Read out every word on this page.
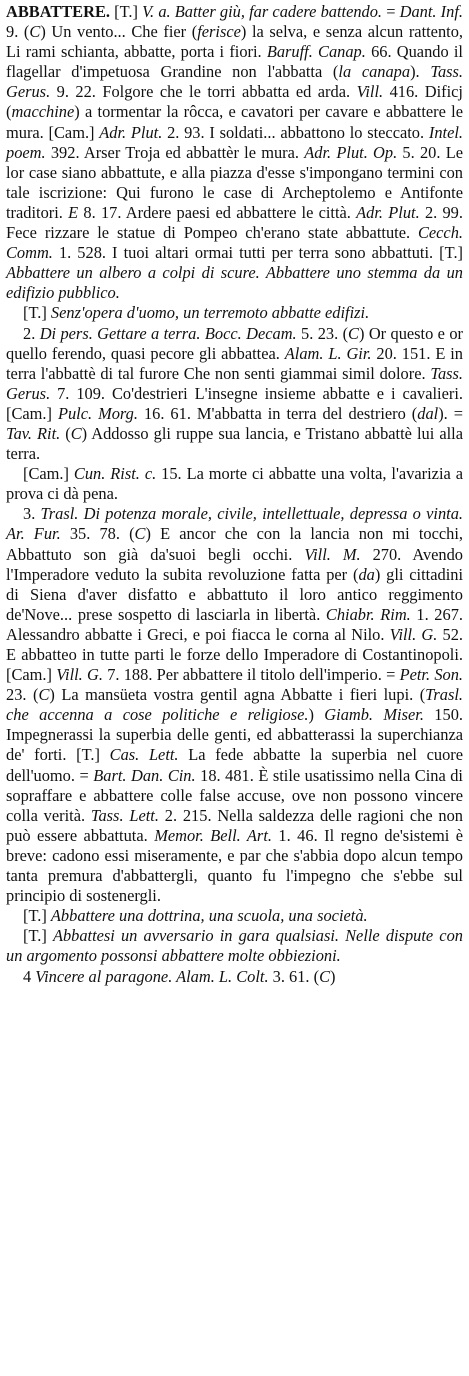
ABBATTERE. [T.] V. a. Batter giù, far cadere battendo. = Dant. Inf. 9. (C) Un vento... Che fier (ferisce) la selva, e senza alcun rattento, Li rami schianta, abbatte, porta i fiori. Baruff. Canap. 66. Quando il flagellar d'impetuosa Grandine non l'abbatta (la canapa). Tass. Gerus. 9. 22. Folgore che le torri abbatta ed arda. Vill. 416. Dificj (macchine) a tormentar la rôcca, e cavatori per cavare e abbattere le mura. [Cam.] Adr. Plut. 2. 93. I soldati... abbattono lo steccato. Intel. poem. 392. Arser Troja ed abbattèr le mura. Adr. Plut. Op. 5. 20. Le lor case siano abbattute, e alla piazza d'esse s'impongano termini con tale iscrizione: Qui furono le case di Archeptolemo e Antifonte traditori. E 8. 17. Ardere paesi ed abbattere le città. Adr. Plut. 2. 99. Fece rizzare le statue di Pompeo ch'erano state abbattute. Cecch. Comm. 1. 528. I tuoi altari ormai tutti per terra sono abbattuti. [T.] Abbattere un albero a colpi di scure. Abbattere uno stemma da un edifizio pubblico.

[T.] Senz'opera d'uomo, un terremoto abbatte edifizi.

2. Di pers. Gettare a terra. Bocc. Decam. 5. 23. (C) Or questo e or quello ferendo, quasi pecore gli abbattea. Alam. L. Gir. 20. 151. E in terra l'abbattè di tal furore Che non senti giammai simil dolore. Tass. Gerus. 7. 109. Co'destrieri L'insegne insieme abbatte e i cavalieri. [Cam.] Pulc. Morg. 16. 61. M'abbatta in terra del destriero (dal). = Tav. Rit. (C) Addosso gli ruppe sua lancia, e Tristano abbattè lui alla terra.

[Cam.] Cun. Rist. c. 15. La morte ci abbatte una volta, l'avarizia a prova ci dà pena.

3. Trasl. Di potenza morale, civile, intellettuale, depressa o vinta. Ar. Fur. 35. 78. (C) E ancor che con la lancia non mi tocchi, Abbattuto son già da'suoi begli occhi. Vill. M. 270. Avendo l'Imperadore veduto la subita revoluzione fatta per (da) gli cittadini di Siena d'aver disfatto e abbattuto il loro antico reggimento de'Nove... prese sospetto di lasciarla in libertà. Chiabr. Rim. 1. 267. Alessandro abbatte i Greci, e poi fiacca le corna al Nilo. Vill. G. 52. E abbatteo in tutte parti le forze dello Imperadore di Costantinopoli. [Cam.] Vill. G. 7. 188. Per abbattere il titolo dell'imperio. = Petr. Son. 23. (C) La mansüeta vostra gentil agna Abbatte i fieri lupi. (Trasl. che accenna a cose politiche e religiose.) Giamb. Miser. 150. Impegnerassi la superbia delle genti, ed abbatterassi la superchianza de' forti. [T.] Cas. Lett. La fede abbatte la superbia nel cuore dell'uomo. = Bart. Dan. Cin. 18. 481. È stile usatissimo nella Cina di sopraffare e abbattere colle false accuse, ove non possono vincere colla verità. Tass. Lett. 2. 215. Nella saldezza delle ragioni che non può essere abbattuta. Memor. Bell. Art. 1. 46. Il regno de'sistemi è breve: cadono essi miseramente, e par che s'abbia dopo alcun tempo tanta premura d'abbattergli, quanto fu l'impegno che s'ebbe sul principio di sostenergli.

[T.] Abbattere una dottrina, una scuola, una società.

[T.] Abbattesi un avversario in gara qualsiasi. Nelle dispute con un argomento possonsi abbattere molte obbiezioni.

4 Vincere al paragone. Alam. L. Colt. 3. 61. (C)
